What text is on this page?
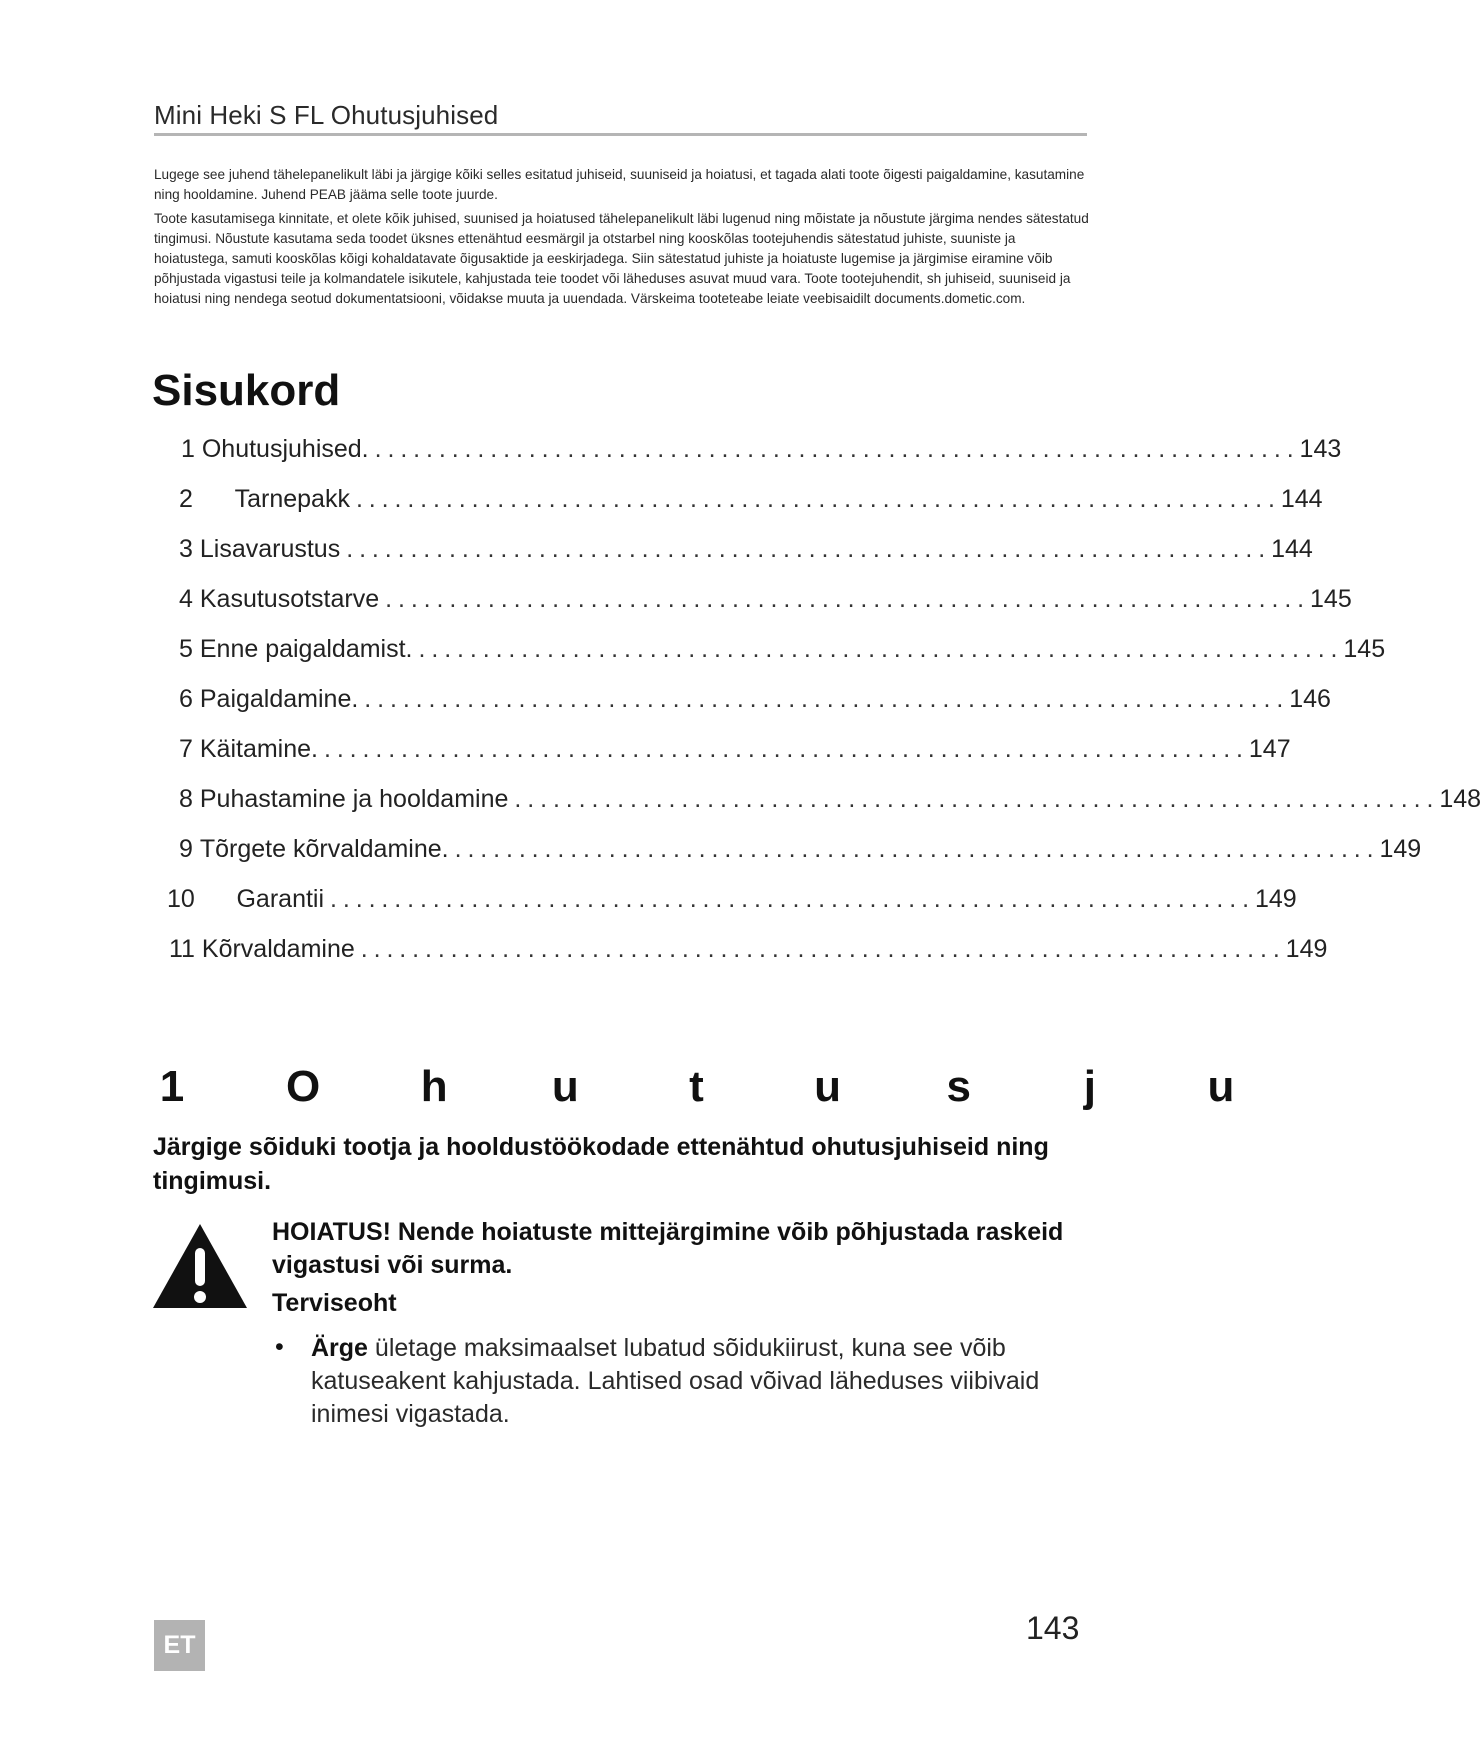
Mini Heki S FL Ohutusjuhised

Lugege see juhend tähelepanelikult läbi ja järgige kõiki selles esitatud juhiseid, suuniseid ja hoiatusi, et tagada alati toote õigesti paigaldamine, kasutamine ning hooldamine. Juhend PEAB jääma selle toote juurde.

Toote kasutamisega kinnitate, et olete kõik juhised, suunised ja hoiatused tähelepanelikult läbi lugenud ning mõistate ja nõustute järgima nendes sätestatud tingimusi. Nõustute kasutama seda toodet üksnes ettenähtud eesmärgil ja otstarbel ning kooskõlas tootejuhendis sätestatud juhiste, suuniste ja hoiatustega, samuti kooskõlas kõigi kohaldatavate õigusaktide ja eeskirjadega. Siin sätestatud juhiste ja hoiatuste lugemise ja järgimise eiramine võib põhjustada vigastusi teile ja kolmandatele isikutele, kahjustada teie toodet või läheduses asuvat muud vara. Toote tootejuhendit, sh juhiseid, suuniseid ja hoiatusi ning nendega seotud dokumentatsiooni, võidakse muuta ja uuendada. Värskeima tooteteabe leiate veebisaidilt documents.dometic.com.

Sisukord
1 Ohutusjuhised. ........................................................................ 143
2 Tarnepakk ........................................................................ 144
3 Lisavarustus ........................................................................ 144
4 Kasutusotstarve ........................................................................ 145
5 Enne paigaldamist. ........................................................................ 145
6 Paigaldamine. ........................................................................ 146
7 Käitamine. ........................................................................ 147
8 Puhastamine ja hooldamine ........................................................................ 148
9 Tõrgete kõrvaldamine. ........................................................................ 149
10 Garantii ........................................................................ 149
11 Kõrvaldamine ........................................................................ 149
1 O h u	t	u s	j	u
Järgige sõiduki tootja ja hooldustöökodade ettenähtud ohutusjuhiseid ning tingimusi.
HOIATUS! Nende hoiatuste mittejärgimine võib põhjustada raskeid vigastusi või surma.
Terviseoht
• Ärge ületage maksimaalset lubatud sõidukiirust, kuna see võib katuseakent kahjustada. Lahtised osad võivad läheduses viibivaid inimesi vigastada.
ET	143
